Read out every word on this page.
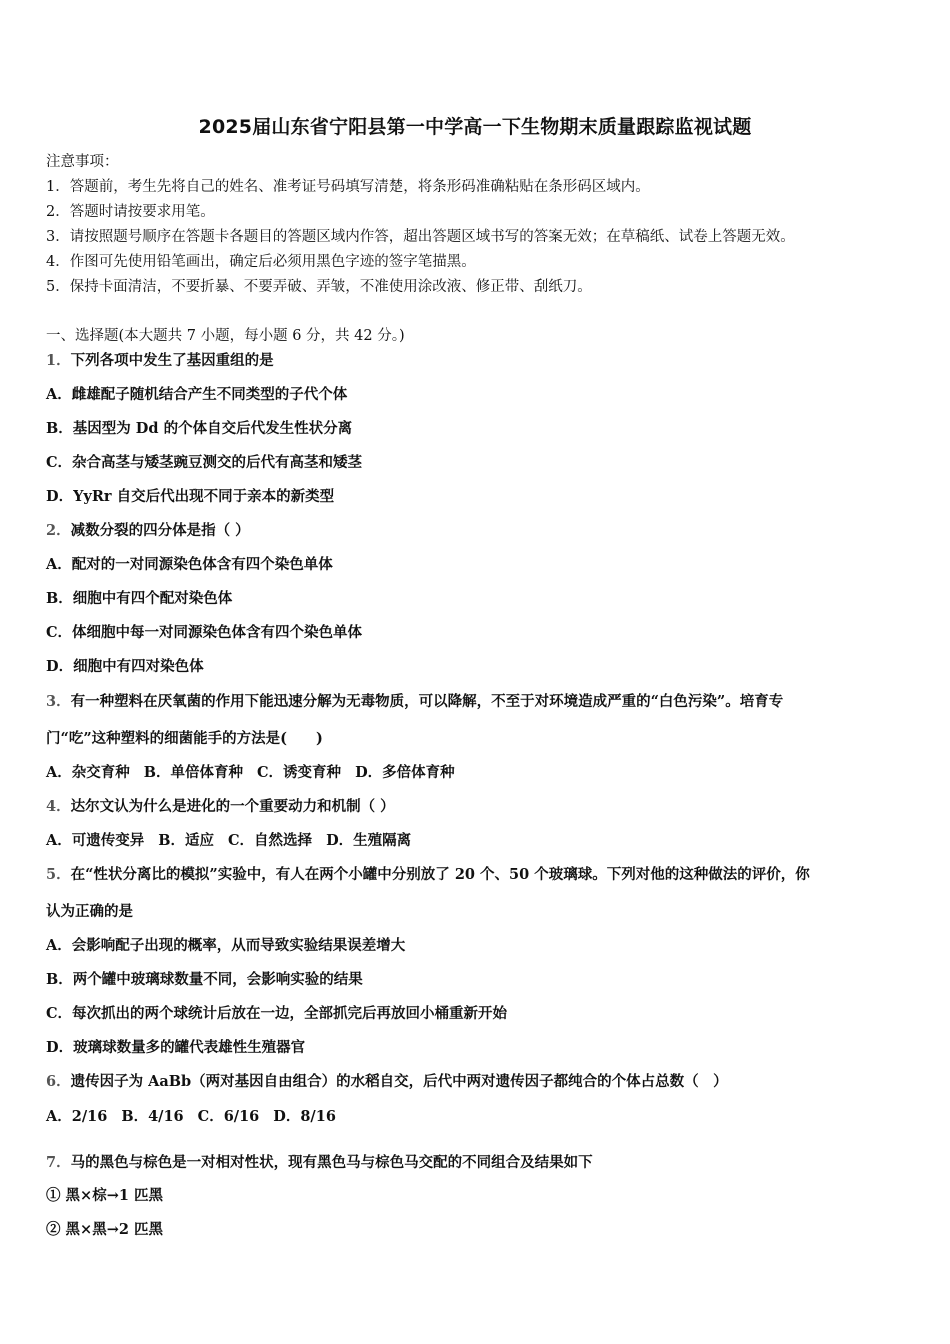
2025届山东省宁阳县第一中学高一下生物期末质量跟踪监视试题
注意事项：
1．答题前，考生先将自己的姓名、准考证号码填写清楚，将条形码准确粘贴在条形码区域内。
2．答题时请按要求用笔。
3．请按照题号顺序在答题卡各题目的答题区域内作答，超出答题区域书写的答案无效；在草稿纸、试卷上答题无效。
4．作图可先使用铅笔画出，确定后必须用黑色字迹的签字笔描黑。
5．保持卡面清洁，不要折暴、不要弄破、弄皱，不准使用涂改液、修正带、刮纸刀。
一、选择题(本大题共 7 小题，每小题 6 分，共 42 分。)
1．下列各项中发生了基因重组的是
A．雌雄配子随机结合产生不同类型的子代个体
B．基因型为 Dd 的个体自交后代发生性状分离
C．杂合高茎与矮茎豌豆测交的后代有高茎和矮茎
D．YyRr 自交后代出现不同于亲本的新类型
2．减数分裂的四分体是指（ ）
A．配对的一对同源染色体含有四个染色单体
B．细胞中有四个配对染色体
C．体细胞中每一对同源染色体含有四个染色单体
D．细胞中有四对染色体
3．有一种塑料在厌氧菌的作用下能迅速分解为无毒物质，可以降解，不至于对环境造成严重的“白色污染”。培育专
门“吃”这种塑料的细菌能手的方法是(　　)
A．杂交育种 B．单倍体育种 C．诱变育种 D．多倍体育种
4．达尔文认为什么是进化的一个重要动力和机制（ ）
A．可遗传变异 B．适应 C．自然选择 D．生殖隔离
5．在“性状分离比的模拟”实验中，有人在两个小罐中分别放了 20 个、50 个玻璃球。下列对他的这种做法的评价，你
认为正确的是
A．会影响配子出现的概率，从而导致实验结果误差增大
B．两个罐中玻璃球数量不同，会影响实验的结果
C．每次抓出的两个球统计后放在一边，全部抓完后再放回小桶重新开始
D．玻璃球数量多的罐代表雄性生殖器官
6．遗传因子为 AaBb（两对基因自由组合）的水稻自交，后代中两对遗传因子都纯合的个体占总数（　）
A．2/16 B．4/16 C．6/16 D．8/16
7．马的黑色与棕色是一对相对性状，现有黑色马与棕色马交配的不同组合及结果如下
① 黑×棕→1 匹黑
② 黑×黑→2 匹黑
